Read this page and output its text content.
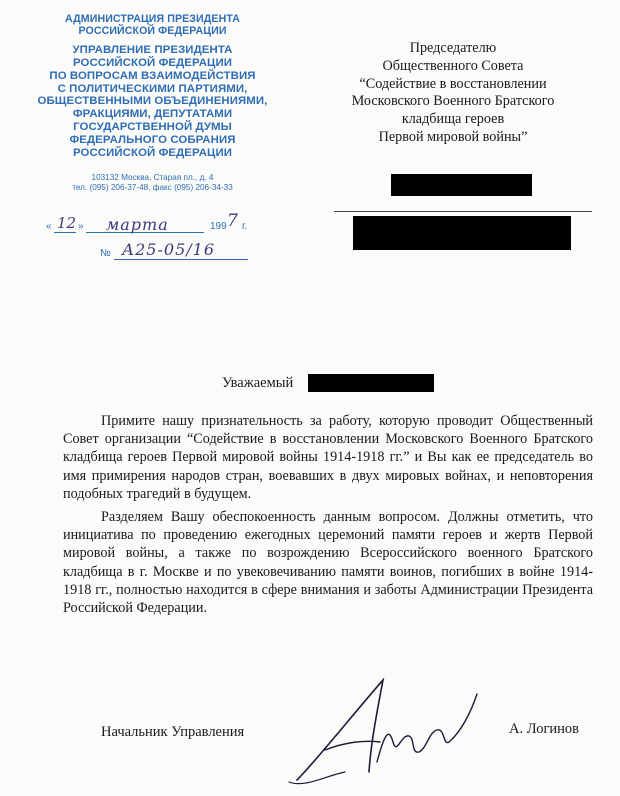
АДМИНИСТРАЦИЯ ПРЕЗИДЕНТА
РОССИЙСКОЙ ФЕДЕРАЦИИ
УПРАВЛЕНИЕ ПРЕЗИДЕНТА
РОССИЙСКОЙ ФЕДЕРАЦИИ
ПО ВОПРОСАМ ВЗАИМОДЕЙСТВИЯ
С ПОЛИТИЧЕСКИМИ ПАРТИЯМИ,
ОБЩЕСТВЕННЫМИ ОБЪЕДИНЕНИЯМИ,
ФРАКЦИЯМИ, ДЕПУТАТАМИ
ГОСУДАРСТВЕННОЙ ДУМЫ
ФЕДЕРАЛЬНОГО СОБРАНИЯ
РОССИЙСКОЙ ФЕДЕРАЦИИ
103132 Москва, Старая пл., д. 4
тел. (095) 206-37-48, факс (095) 206-34-33
« 12 » марта	199 7 г.
№ А25-05/16
Председателю
Общественного Совета
“Содействие в восстановлении
Московского Военного Братского
кладбища героев
Первой мировой войны”
Уважаемый

Примите нашу признательность за работу, которую проводит Общественный Совет организации “Содействие в восстановлении Московского Военного Братского кладбища героев Первой мировой войны 1914-1918 гг.” и Вы как ее председатель во имя примирения народов стран, воевавших в двух мировых войнах, и неповторения подобных трагедий в будущем.

Разделяем Вашу обеспокоенность данным вопросом. Должны отметить, что инициатива по проведению ежегодных церемоний памяти героев и жертв Первой мировой войны, а также по возрождению Всероссийского военного Братского кладбища в г. Москве и по увековечиванию памяти воинов, погибших в войне 1914-1918 гг., полностью находится в сфере внимания и заботы Администрации Президента Российской Федерации.

Начальник Управления	А. Логинов
